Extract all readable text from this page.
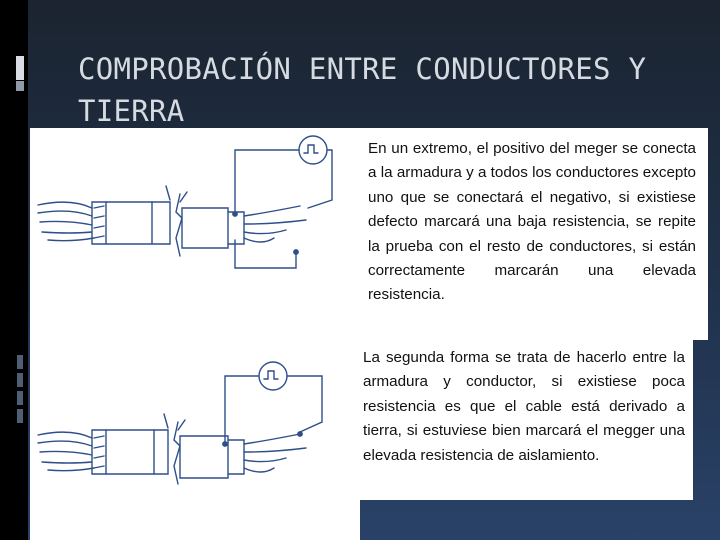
COMPROBACIÓN ENTRE CONDUCTORES Y TIERRA
En un extremo, el positivo del meger se conecta a la armadura y a todos los conductores excepto uno que se conectará el negativo, si existiese defecto marcará una baja resistencia, se repite la prueba con el resto de conductores, si están correctamente marcarán una elevada resistencia.
La segunda forma se trata de hacerlo entre la armadura y conductor, si existiese poca resistencia es que el cable está derivado a tierra, si estuviese bien marcará el megger una elevada resistencia de aislamiento.
